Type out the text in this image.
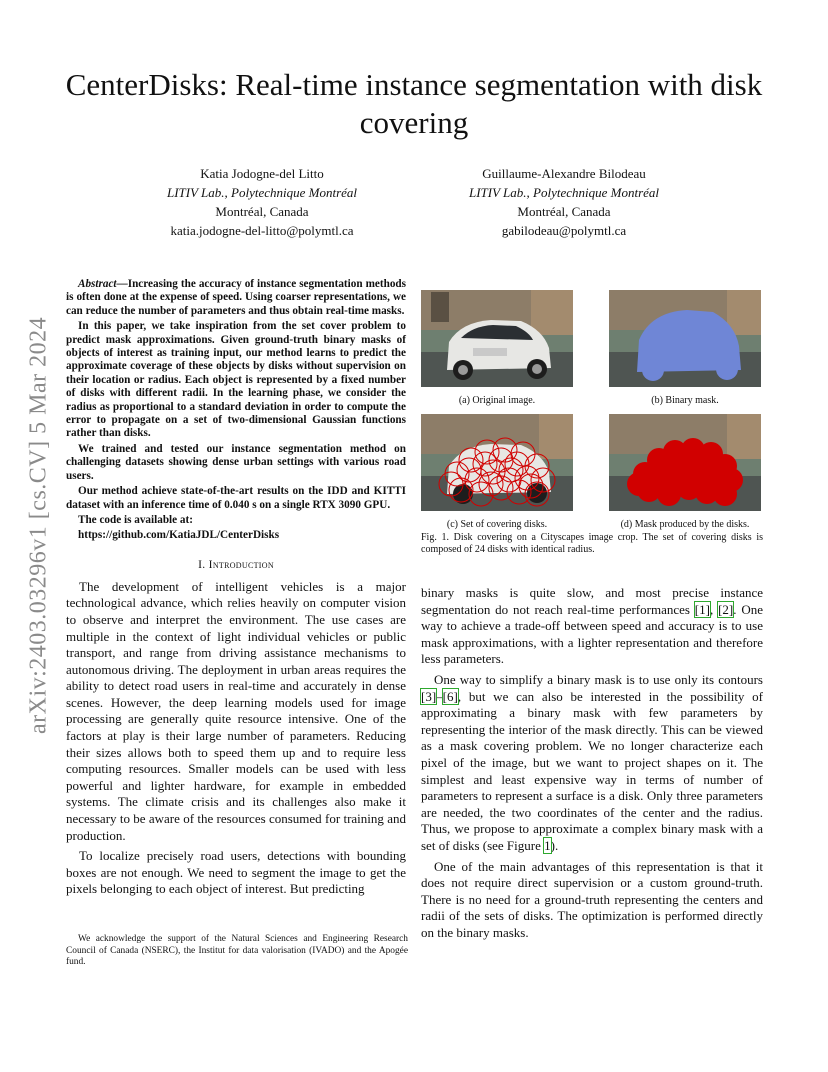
arXiv:2403.03296v1 [cs.CV] 5 Mar 2024
CenterDisks: Real-time instance segmentation with disk covering
Katia Jodogne-del Litto
LITIV Lab., Polytechnique Montréal
Montréal, Canada
katia.jodogne-del-litto@polymtl.ca
Guillaume-Alexandre Bilodeau
LITIV Lab., Polytechnique Montréal
Montréal, Canada
gabilodeau@polymtl.ca

Abstract—Increasing the accuracy of instance segmentation methods is often done at the expense of speed. Using coarser representations, we can reduce the number of parameters and thus obtain real-time masks.

In this paper, we take inspiration from the set cover problem to predict mask approximations. Given ground-truth binary masks of objects of interest as training input, our method learns to predict the approximate coverage of these objects by disks without supervision on their location or radius. Each object is represented by a fixed number of disks with different radii. In the learning phase, we consider the radius as proportional to a standard deviation in order to compute the error to propagate on a set of two-dimensional Gaussian functions rather than disks.

We trained and tested our instance segmentation method on challenging datasets showing dense urban settings with various road users.

Our method achieve state-of-the-art results on the IDD and KITTI dataset with an inference time of 0.040 s on a single RTX 3090 GPU.

The code is available at:

https://github.com/KatiaJDL/CenterDisks

I. Introduction

The development of intelligent vehicles is a major technological advance, which relies heavily on computer vision to observe and interpret the environment. The use cases are multiple in the context of light individual vehicles or public transport, and range from driving assistance mechanisms to autonomous driving. The deployment in urban areas requires the ability to detect road users in real-time and accurately in dense scenes. However, the deep learning models used for image processing are generally quite resource intensive. One of the factors at play is their large number of parameters. Reducing their sizes allows both to speed them up and to require less computing resources. Smaller models can be used with less powerful and lighter hardware, for example in embedded systems. The climate crisis and its challenges also make it necessary to be aware of the resources consumed for training and production.

To localize precisely road users, detections with bounding boxes are not enough. We need to segment the image to get the pixels belonging to each object of interest. But predicting

We acknowledge the support of the Natural Sciences and Engineering Research Council of Canada (NSERC), the Institut for data valorisation (IVADO) and the Apogée fund.
(a) Original image.	(b) Binary mask.
(c) Set of covering disks.	(d) Mask produced by the disks.
Fig. 1. Disk covering on a Cityscapes image crop. The set of covering disks is composed of 24 disks with identical radius.

binary masks is quite slow, and most precise instance segmentation do not reach real-time performances [1], [2]. One way to achieve a trade-off between speed and accuracy is to use mask approximations, with a lighter representation and therefore less parameters.

One way to simplify a binary mask is to use only its contours [3]–[6], but we can also be interested in the possibility of approximating a binary mask with few parameters by representing the interior of the mask directly. This can be viewed as a mask covering problem. We no longer characterize each pixel of the image, but we want to project shapes on it. The simplest and least expensive way in terms of number of parameters to represent a surface is a disk. Only three parameters are needed, the two coordinates of the center and the radius. Thus, we propose to approximate a complex binary mask with a set of disks (see Figure 1).

One of the main advantages of this representation is that it does not require direct supervision or a custom ground-truth. There is no need for a ground-truth representing the centers and radii of the sets of disks. The optimization is performed directly on the binary masks.
